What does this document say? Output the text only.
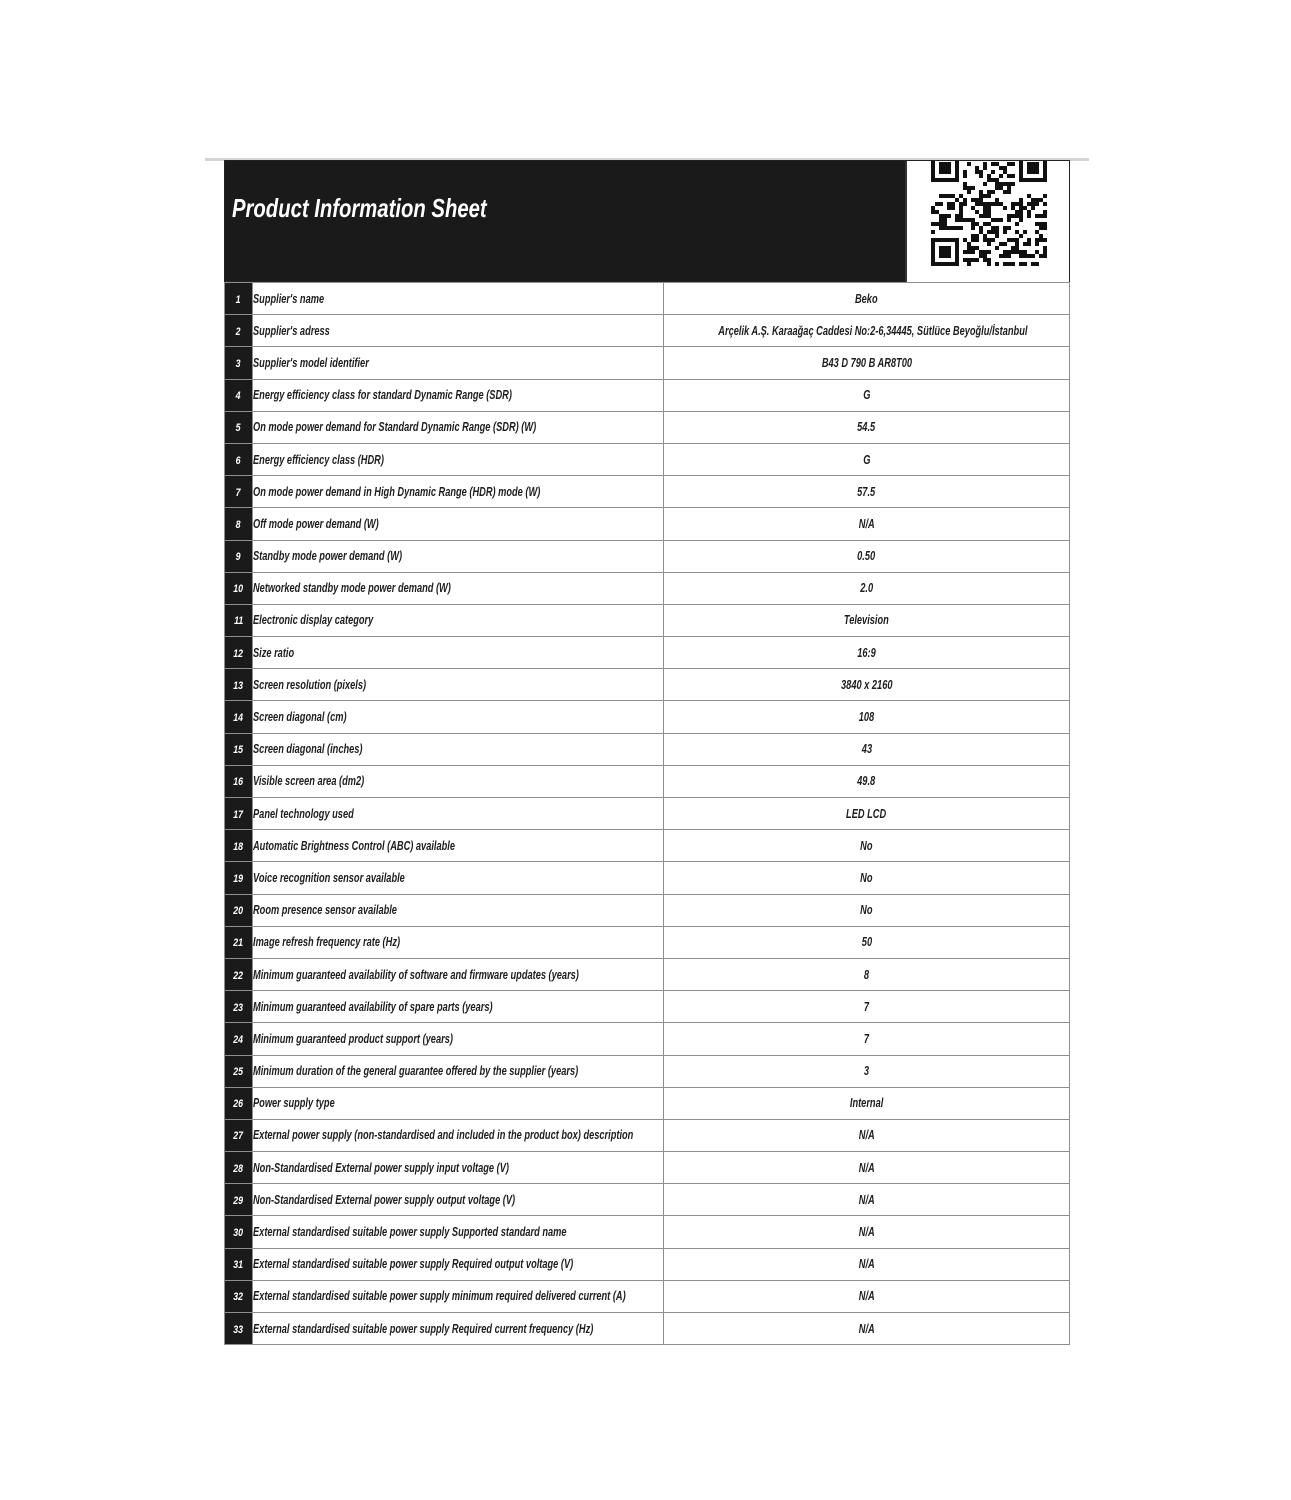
Product Information Sheet
1	Supplier's name	Beko
2	Supplier's adress	Arçelik A.Ş. Karaağaç Caddesi No:2-6,34445, Sütlüce Beyoğlu/İstanbul
3	Supplier's model identifier	B43 D 790 B AR8T00
4	Energy efficiency class for standard Dynamic Range (SDR)	G
5	On mode power demand for Standard Dynamic Range (SDR) (W)	54.5
6	Energy efficiency class (HDR)	G
7	On mode power demand in High Dynamic Range (HDR) mode (W)	57.5
8	Off mode power demand (W)	N/A
9	Standby mode power demand (W)	0.50
10	Networked standby mode power demand (W)	2.0
11	Electronic display category	Television
12	Size ratio	16:9
13	Screen resolution (pixels)	3840 x 2160
14	Screen diagonal (cm)	108
15	Screen diagonal (inches)	43
16	Visible screen area (dm2)	49.8
17	Panel technology used	LED LCD
18	Automatic Brightness Control (ABC) available	No
19	Voice recognition sensor available	No
20	Room presence sensor available	No
21	Image refresh frequency rate (Hz)	50
22	Minimum guaranteed availability of software and firmware updates (years)	8
23	Minimum guaranteed availability of spare parts (years)	7
24	Minimum guaranteed product support (years)	7
25	Minimum duration of the general guarantee offered by the supplier (years)	3
26	Power supply type	Internal
27	External power supply (non-standardised and included in the product box) description	N/A
28	Non-Standardised External power supply input voltage (V)	N/A
29	Non-Standardised External power supply output voltage (V)	N/A
30	External standardised suitable power supply Supported standard name	N/A
31	External standardised suitable power supply Required output voltage (V)	N/A
32	External standardised suitable power supply minimum required delivered current (A)	N/A
33	External standardised suitable power supply Required current frequency (Hz)	N/A
